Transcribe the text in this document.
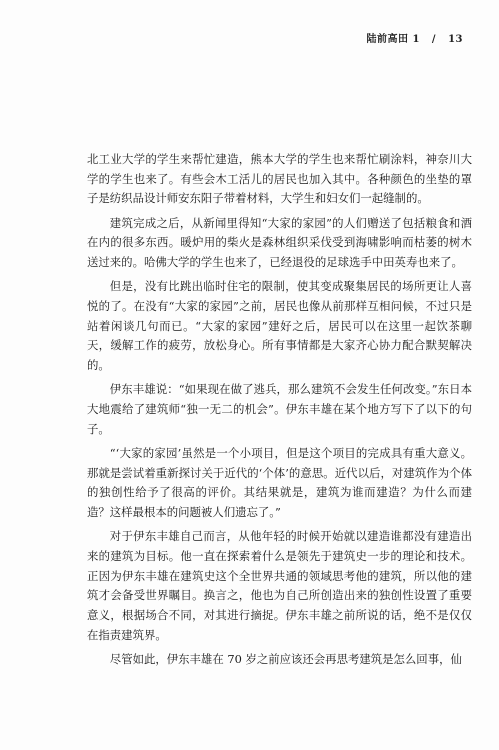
陆前高田 1 / 13

北工业大学的学生来帮忙建造，熊本大学的学生也来帮忙刷涂料，神奈川大学的学生也来了。有些会木工活儿的居民也加入其中。各种颜色的坐垫的罩子是纺织品设计师安东阳子带着材料，大学生和妇女们一起缝制的。

建筑完成之后，从新闻里得知“大家的家园”的人们赠送了包括粮食和酒在内的很多东西。暖炉用的柴火是森林组织采伐受到海啸影响而枯萎的树木送过来的。哈佛大学的学生也来了，已经退役的足球选手中田英寿也来了。

但是，没有比跳出临时住宅的限制，使其变成聚集居民的场所更让人喜悦的了。在没有“大家的家园”之前，居民也像从前那样互相问候，不过只是站着闲谈几句而已。“大家的家园”建好之后，居民可以在这里一起饮茶聊天，缓解工作的疲劳，放松身心。所有事情都是大家齐心协力配合默契解决的。

伊东丰雄说：“如果现在做了逃兵，那么建筑不会发生任何改变。”东日本大地震给了建筑师“独一无二的机会”。伊东丰雄在某个地方写下了以下的句子。

“‘大家的家园’虽然是一个小项目，但是这个项目的完成具有重大意义。那就是尝试着重新探讨关于近代的‘个体’的意思。近代以后，对建筑作为个体的独创性给予了很高的评价。其结果就是，建筑为谁而建造？为什么而建造？这样最根本的问题被人们遗忘了。”

对于伊东丰雄自己而言，从他年轻的时候开始就以建造谁都没有建造出来的建筑为目标。他一直在探索着什么是领先于建筑史一步的理论和技术。正因为伊东丰雄在建筑史这个全世界共通的领域思考他的建筑，所以他的建筑才会备受世界瞩目。换言之，他也为自己所创造出来的独创性设置了重要意义，根据场合不同，对其进行摘捉。伊东丰雄之前所说的话，绝不是仅仅在指责建筑界。

尽管如此，伊东丰雄在 70 岁之前应该还会再思考建筑是怎么回事，仙
